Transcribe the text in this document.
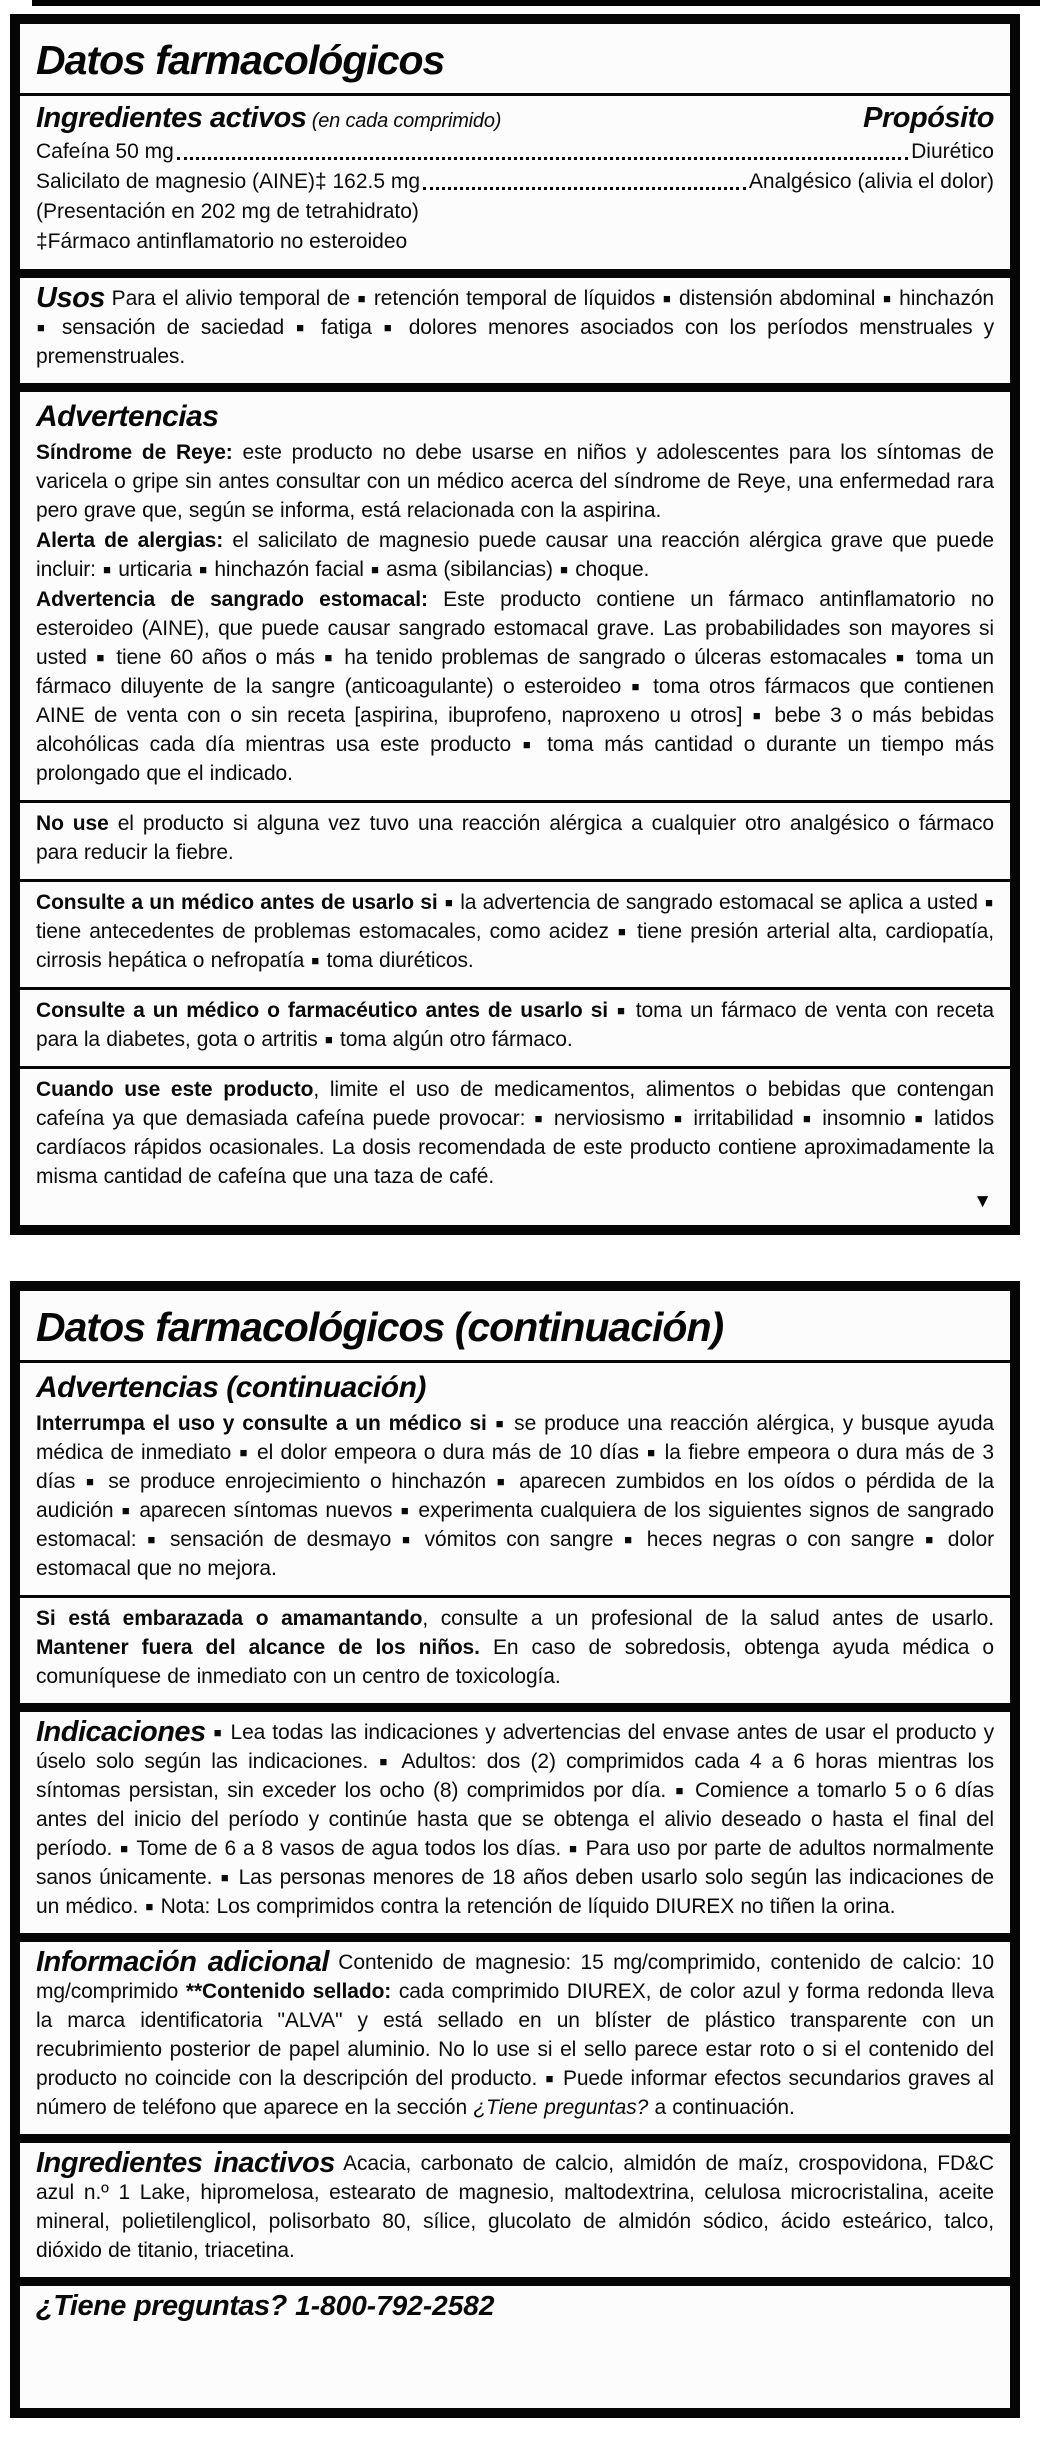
Datos farmacológicos
Ingredientes activos (en cada comprimido)	Propósito
Cafeína 50 mg	Diurético
Salicilato de magnesio (AINE)‡ 162.5 mg	Analgésico (alivia el dolor)
(Presentación en 202 mg de tetrahidrato)
‡Fármaco antinflamatorio no esteroideo

Usos Para el alivio temporal de ■ retención temporal de líquidos ■ distensión abdominal ■ hinchazón ■ sensación de saciedad ■ fatiga ■ dolores menores asociados con los períodos menstruales y premenstruales.

Advertencias

Síndrome de Reye: este producto no debe usarse en niños y adolescentes para los síntomas de varicela o gripe sin antes consultar con un médico acerca del síndrome de Reye, una enfermedad rara pero grave que, según se informa, está relacionada con la aspirina.

Alerta de alergias: el salicilato de magnesio puede causar una reacción alérgica grave que puede incluir: ■ urticaria ■ hinchazón facial ■ asma (sibilancias) ■ choque.

Advertencia de sangrado estomacal: Este producto contiene un fármaco antinflamatorio no esteroideo (AINE), que puede causar sangrado estomacal grave. Las probabilidades son mayores si usted ■ tiene 60 años o más ■ ha tenido problemas de sangrado o úlceras estomacales ■ toma un fármaco diluyente de la sangre (anticoagulante) o esteroideo ■ toma otros fármacos que contienen AINE de venta con o sin receta [aspirina, ibuprofeno, naproxeno u otros] ■ bebe 3 o más bebidas alcohólicas cada día mientras usa este producto ■ toma más cantidad o durante un tiempo más prolongado que el indicado.

No use el producto si alguna vez tuvo una reacción alérgica a cualquier otro analgésico o fármaco para reducir la fiebre.

Consulte a un médico antes de usarlo si ■ la advertencia de sangrado estomacal se aplica a usted ■ tiene antecedentes de problemas estomacales, como acidez ■ tiene presión arterial alta, cardiopatía, cirrosis hepática o nefropatía ■ toma diuréticos.

Consulte a un médico o farmacéutico antes de usarlo si ■ toma un fármaco de venta con receta para la diabetes, gota o artritis ■ toma algún otro fármaco.

Cuando use este producto, limite el uso de medicamentos, alimentos o bebidas que contengan cafeína ya que demasiada cafeína puede provocar: ■ nerviosismo ■ irritabilidad ■ insomnio ■ latidos cardíacos rápidos ocasionales. La dosis recomendada de este producto contiene aproximadamente la misma cantidad de cafeína que una taza de café.

▼
Datos farmacológicos (continuación)
Advertencias (continuación)

Interrumpa el uso y consulte a un médico si ■ se produce una reacción alérgica, y busque ayuda médica de inmediato ■ el dolor empeora o dura más de 10 días ■ la fiebre empeora o dura más de 3 días ■ se produce enrojecimiento o hinchazón ■ aparecen zumbidos en los oídos o pérdida de la audición ■ aparecen síntomas nuevos ■ experimenta cualquiera de los siguientes signos de sangrado estomacal: ■ sensación de desmayo ■ vómitos con sangre ■ heces negras o con sangre ■ dolor estomacal que no mejora.

Si está embarazada o amamantando, consulte a un profesional de la salud antes de usarlo. Mantener fuera del alcance de los niños. En caso de sobredosis, obtenga ayuda médica o comuníquese de inmediato con un centro de toxicología.

Indicaciones ■ Lea todas las indicaciones y advertencias del envase antes de usar el producto y úselo solo según las indicaciones. ■ Adultos: dos (2) comprimidos cada 4 a 6 horas mientras los síntomas persistan, sin exceder los ocho (8) comprimidos por día. ■ Comience a tomarlo 5 o 6 días antes del inicio del período y continúe hasta que se obtenga el alivio deseado o hasta el final del período. ■ Tome de 6 a 8 vasos de agua todos los días. ■ Para uso por parte de adultos normalmente sanos únicamente. ■ Las personas menores de 18 años deben usarlo solo según las indicaciones de un médico. ■ Nota: Los comprimidos contra la retención de líquido DIUREX no tiñen la orina.

Información adicional Contenido de magnesio: 15 mg/comprimido, contenido de calcio: 10 mg/comprimido **Contenido sellado: cada comprimido DIUREX, de color azul y forma redonda lleva la marca identificatoria "ALVA" y está sellado en un blíster de plástico transparente con un recubrimiento posterior de papel aluminio. No lo use si el sello parece estar roto o si el contenido del producto no coincide con la descripción del producto. ■ Puede informar efectos secundarios graves al número de teléfono que aparece en la sección ¿Tiene preguntas? a continuación.

Ingredientes inactivos Acacia, carbonato de calcio, almidón de maíz, crospovidona, FD&C azul n.º 1 Lake, hipromelosa, estearato de magnesio, maltodextrina, celulosa microcristalina, aceite mineral, polietilenglicol, polisorbato 80, sílice, glucolato de almidón sódico, ácido esteárico, talco, dióxido de titanio, triacetina.

¿Tiene preguntas? 1-800-792-2582
